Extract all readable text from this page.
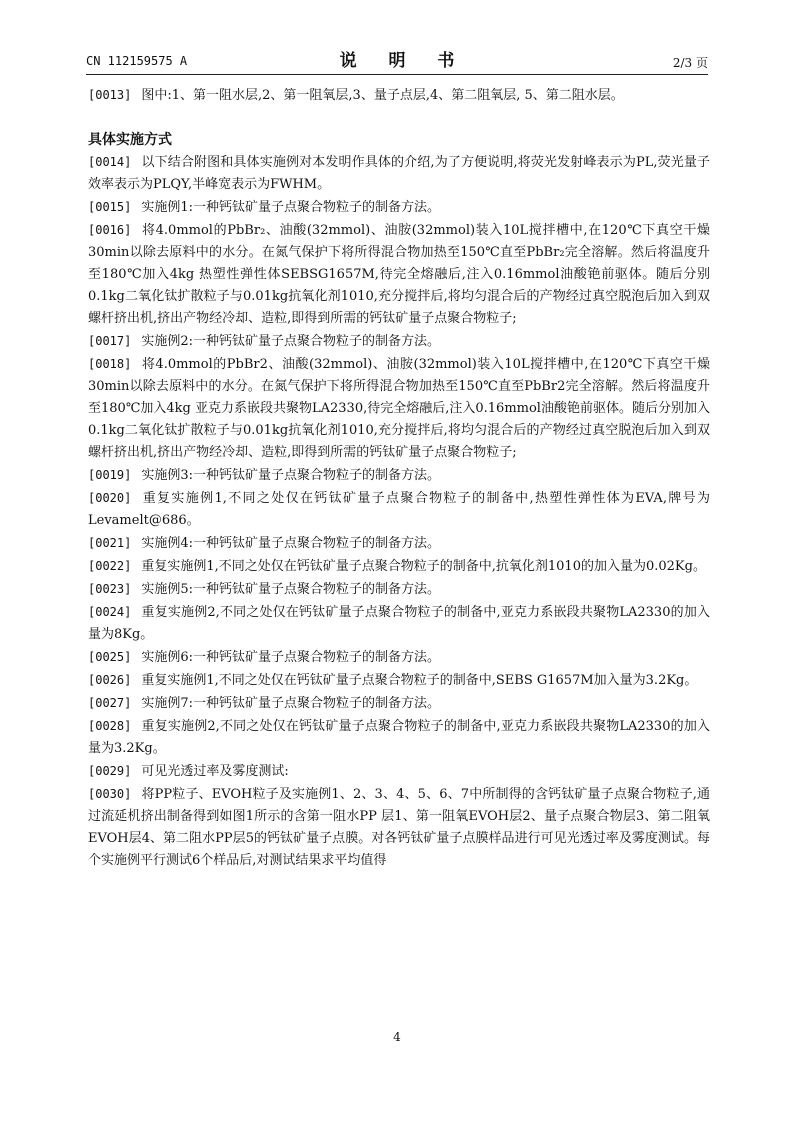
CN 112159575 A	说 明 书	2/3 页
[0013] 图中:1、第一阻水层,2、第一阻氧层,3、量子点层,4、第二阻氧层, 5、第二阻水层。
具体实施方式
[0014] 以下结合附图和具体实施例对本发明作具体的介绍,为了方便说明,将荧光发射峰表示为PL,荧光量子效率表示为PLQY,半峰宽表示为FWHM。
[0015] 实施例1:一种钙钛矿量子点聚合物粒子的制备方法。
[0016] 将4.0mmol的PbBr₂、油酸(32mmol)、油胺(32mmol)装入10L搅拌槽中,在120℃下真空干燥30min以除去原料中的水分。在氮气保护下将所得混合物加热至150℃直至PbBr₂完全溶解。然后将温度升至180℃加入4kg 热塑性弹性体SEBSG1657M,待完全熔融后,注入0.16mmol油酸铯前驱体。随后分别0.1kg二氧化钛扩散粒子与0.01kg抗氧化剂1010,充分搅拌后,将均匀混合后的产物经过真空脱泡后加入到双螺杆挤出机,挤出产物经冷却、造粒,即得到所需的钙钛矿量子点聚合物粒子;
[0017] 实施例2:一种钙钛矿量子点聚合物粒子的制备方法。
[0018] 将4.0mmol的PbBr2、油酸(32mmol)、油胺(32mmol)装入10L搅拌槽中,在120℃下真空干燥30min以除去原料中的水分。在氮气保护下将所得混合物加热至150℃直至PbBr2完全溶解。然后将温度升至180℃加入4kg 亚克力系嵌段共聚物LA2330,待完全熔融后,注入0.16mmol油酸铯前驱体。随后分别加入0.1kg二氧化钛扩散粒子与0.01kg抗氧化剂1010,充分搅拌后,将均匀混合后的产物经过真空脱泡后加入到双螺杆挤出机,挤出产物经冷却、造粒,即得到所需的钙钛矿量子点聚合物粒子;
[0019] 实施例3:一种钙钛矿量子点聚合物粒子的制备方法。
[0020] 重复实施例1,不同之处仅在钙钛矿量子点聚合物粒子的制备中,热塑性弹性体为EVA,牌号为Levamelt@686。
[0021] 实施例4:一种钙钛矿量子点聚合物粒子的制备方法。
[0022] 重复实施例1,不同之处仅在钙钛矿量子点聚合物粒子的制备中,抗氧化剂1010的加入量为0.02Kg。
[0023] 实施例5:一种钙钛矿量子点聚合物粒子的制备方法。
[0024] 重复实施例2,不同之处仅在钙钛矿量子点聚合物粒子的制备中,亚克力系嵌段共聚物LA2330的加入量为8Kg。
[0025] 实施例6:一种钙钛矿量子点聚合物粒子的制备方法。
[0026] 重复实施例1,不同之处仅在钙钛矿量子点聚合物粒子的制备中,SEBS G1657M加入量为3.2Kg。
[0027] 实施例7:一种钙钛矿量子点聚合物粒子的制备方法。
[0028] 重复实施例2,不同之处仅在钙钛矿量子点聚合物粒子的制备中,亚克力系嵌段共聚物LA2330的加入量为3.2Kg。
[0029] 可见光透过率及雾度测试:
[0030] 将PP粒子、EVOH粒子及实施例1、2、3、4、5、6、7中所制得的含钙钛矿量子点聚合物粒子,通过流延机挤出制备得到如图1所示的含第一阻水PP 层1、第一阻氧EVOH层2、量子点聚合物层3、第二阻氧EVOH层4、第二阻水PP层5的钙钛矿量子点膜。对各钙钛矿量子点膜样品进行可见光透过率及雾度测试。每个实施例平行测试6个样品后,对测试结果求平均值得
4
